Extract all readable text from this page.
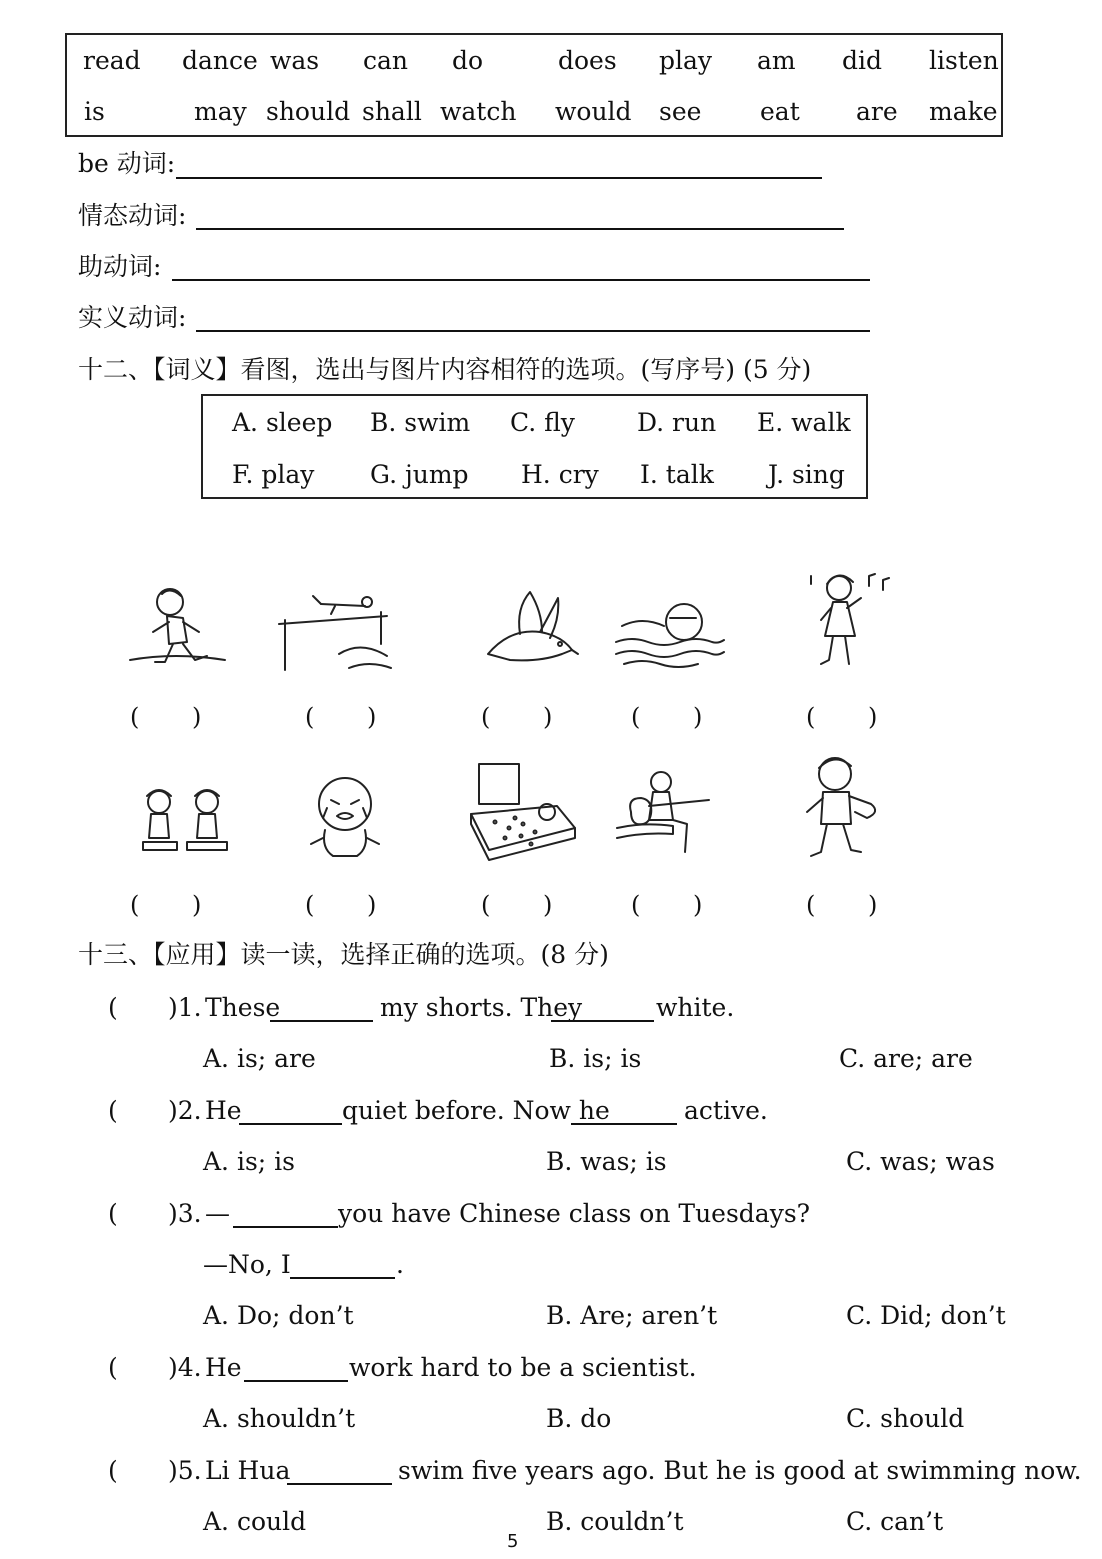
read dance was can do	does play am did listen
is	may should shall watch would see eat are make
be 动词:
情态动词:
助动词:
实义动词:
十二、【词义】看图，选出与图片内容相符的选项。(写序号) (5 分)
A. sleep B. swim C. fly D. run E. walk
F. play G. jump H. cry I. talk J. sing
( )	( )	( )	( )	( )
( )	( )	( )	( )	( )
十三、【应用】读一读，选择正确的选项。(8 分)
( )1. These	my shorts. They	white.
A. is; are	B. is; is	C. are; are
( )2. He	quiet before. Now he	active.
A. is; is	B. was; is	C. was; was
( )3. —	you have Chinese class on Tuesdays?
—No, I	.
A. Do; don’t	B. Are; aren’t	C. Did; don’t
( )4. He	work hard to be a scientist.
A. shouldn’t	B. do	C. should
( )5. Li Hua	swim five years ago. But he is good at swimming now.
A. could	B. couldn’t	C. can’t
5
